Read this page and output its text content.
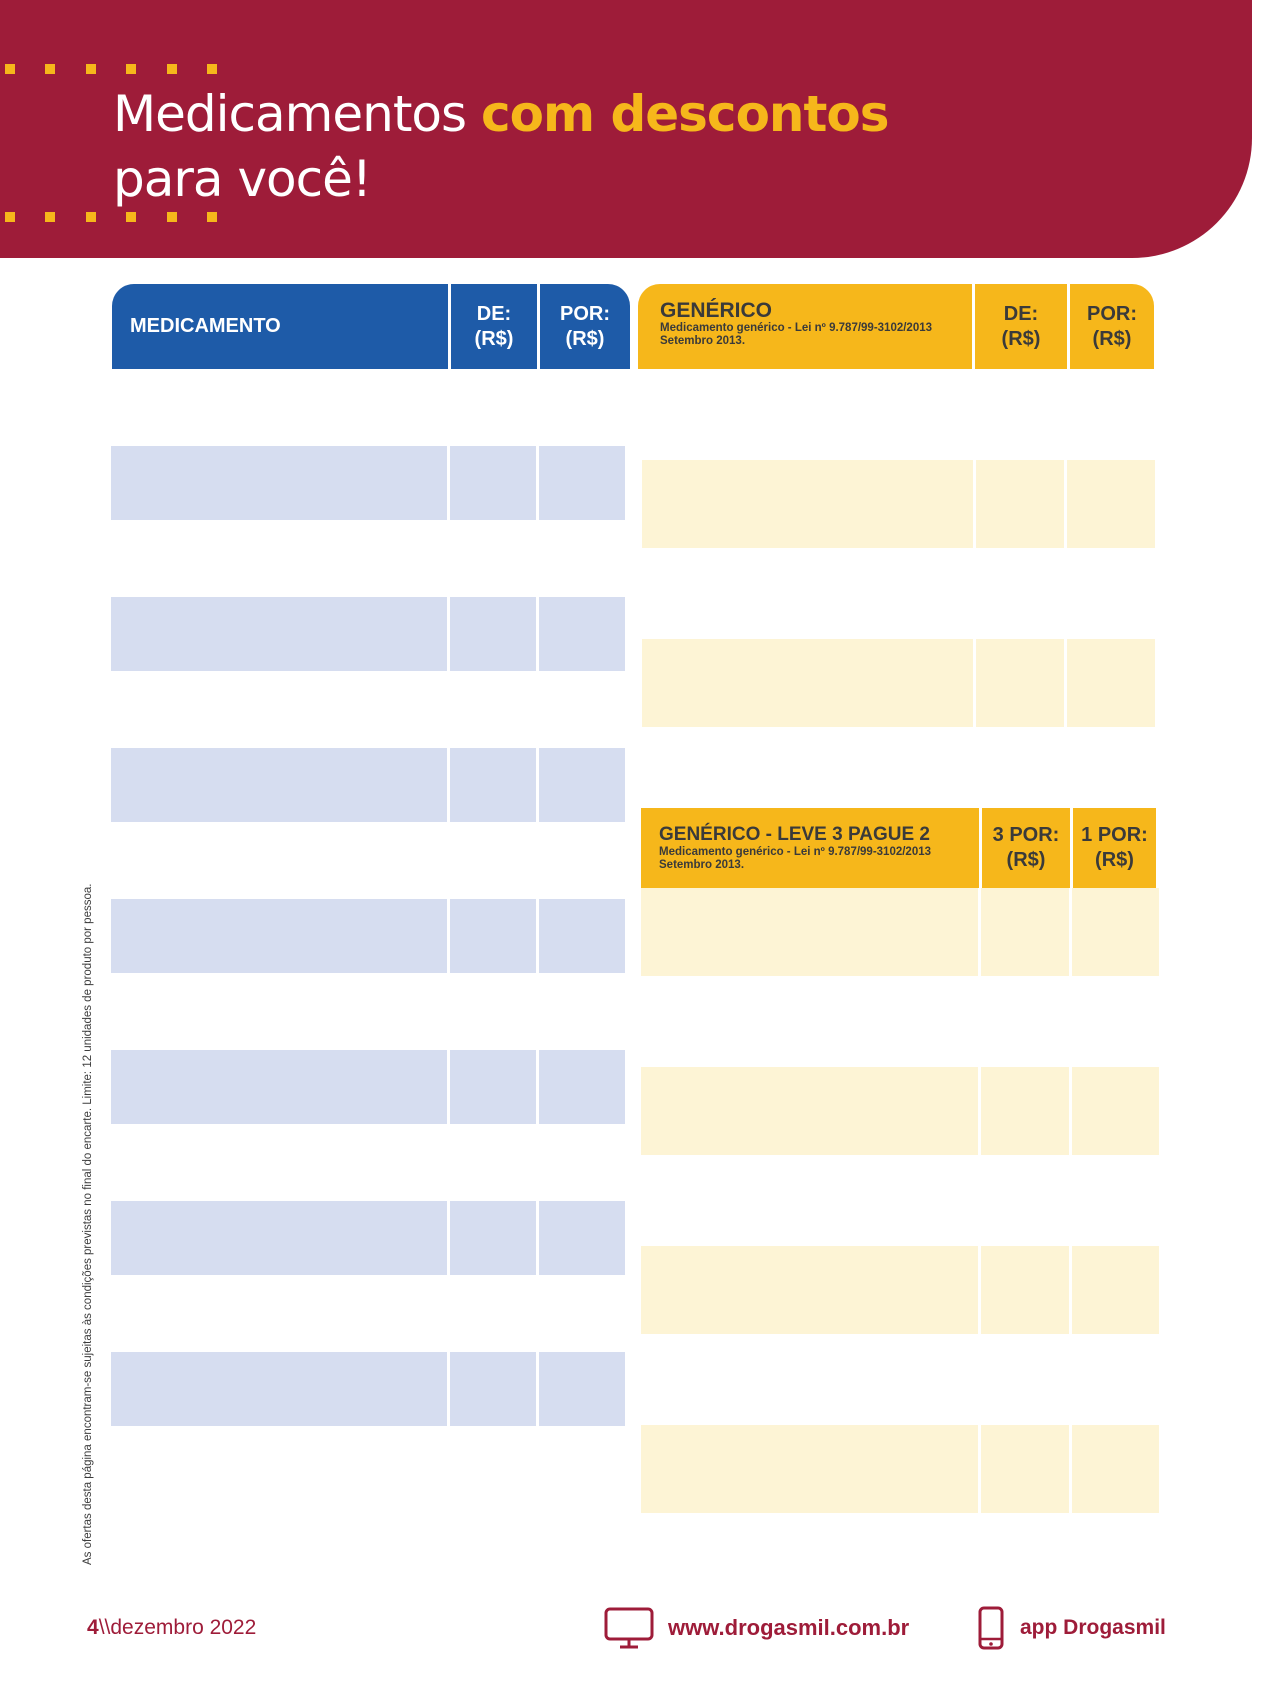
Medicamentos com descontos
para você!
MEDICAMENTO
DE:
(R$)
POR:
(R$)
GENÉRICO
Medicamento genérico - Lei nº 9.787/99-3102/2013
Setembro 2013.
DE:
(R$)
POR:
(R$)
GENÉRICO - LEVE 3 PAGUE 2
Medicamento genérico - Lei nº 9.787/99-3102/2013
Setembro 2013.
3 POR:
(R$)
1 POR:
(R$)
As ofertas desta página encontram-se sujeitas às condições previstas no final do encarte. Limite: 12 unidades de produto por pessoa.
4 \\ dezembro 2022	www.drogasmil.com.br	app Drogasmil
